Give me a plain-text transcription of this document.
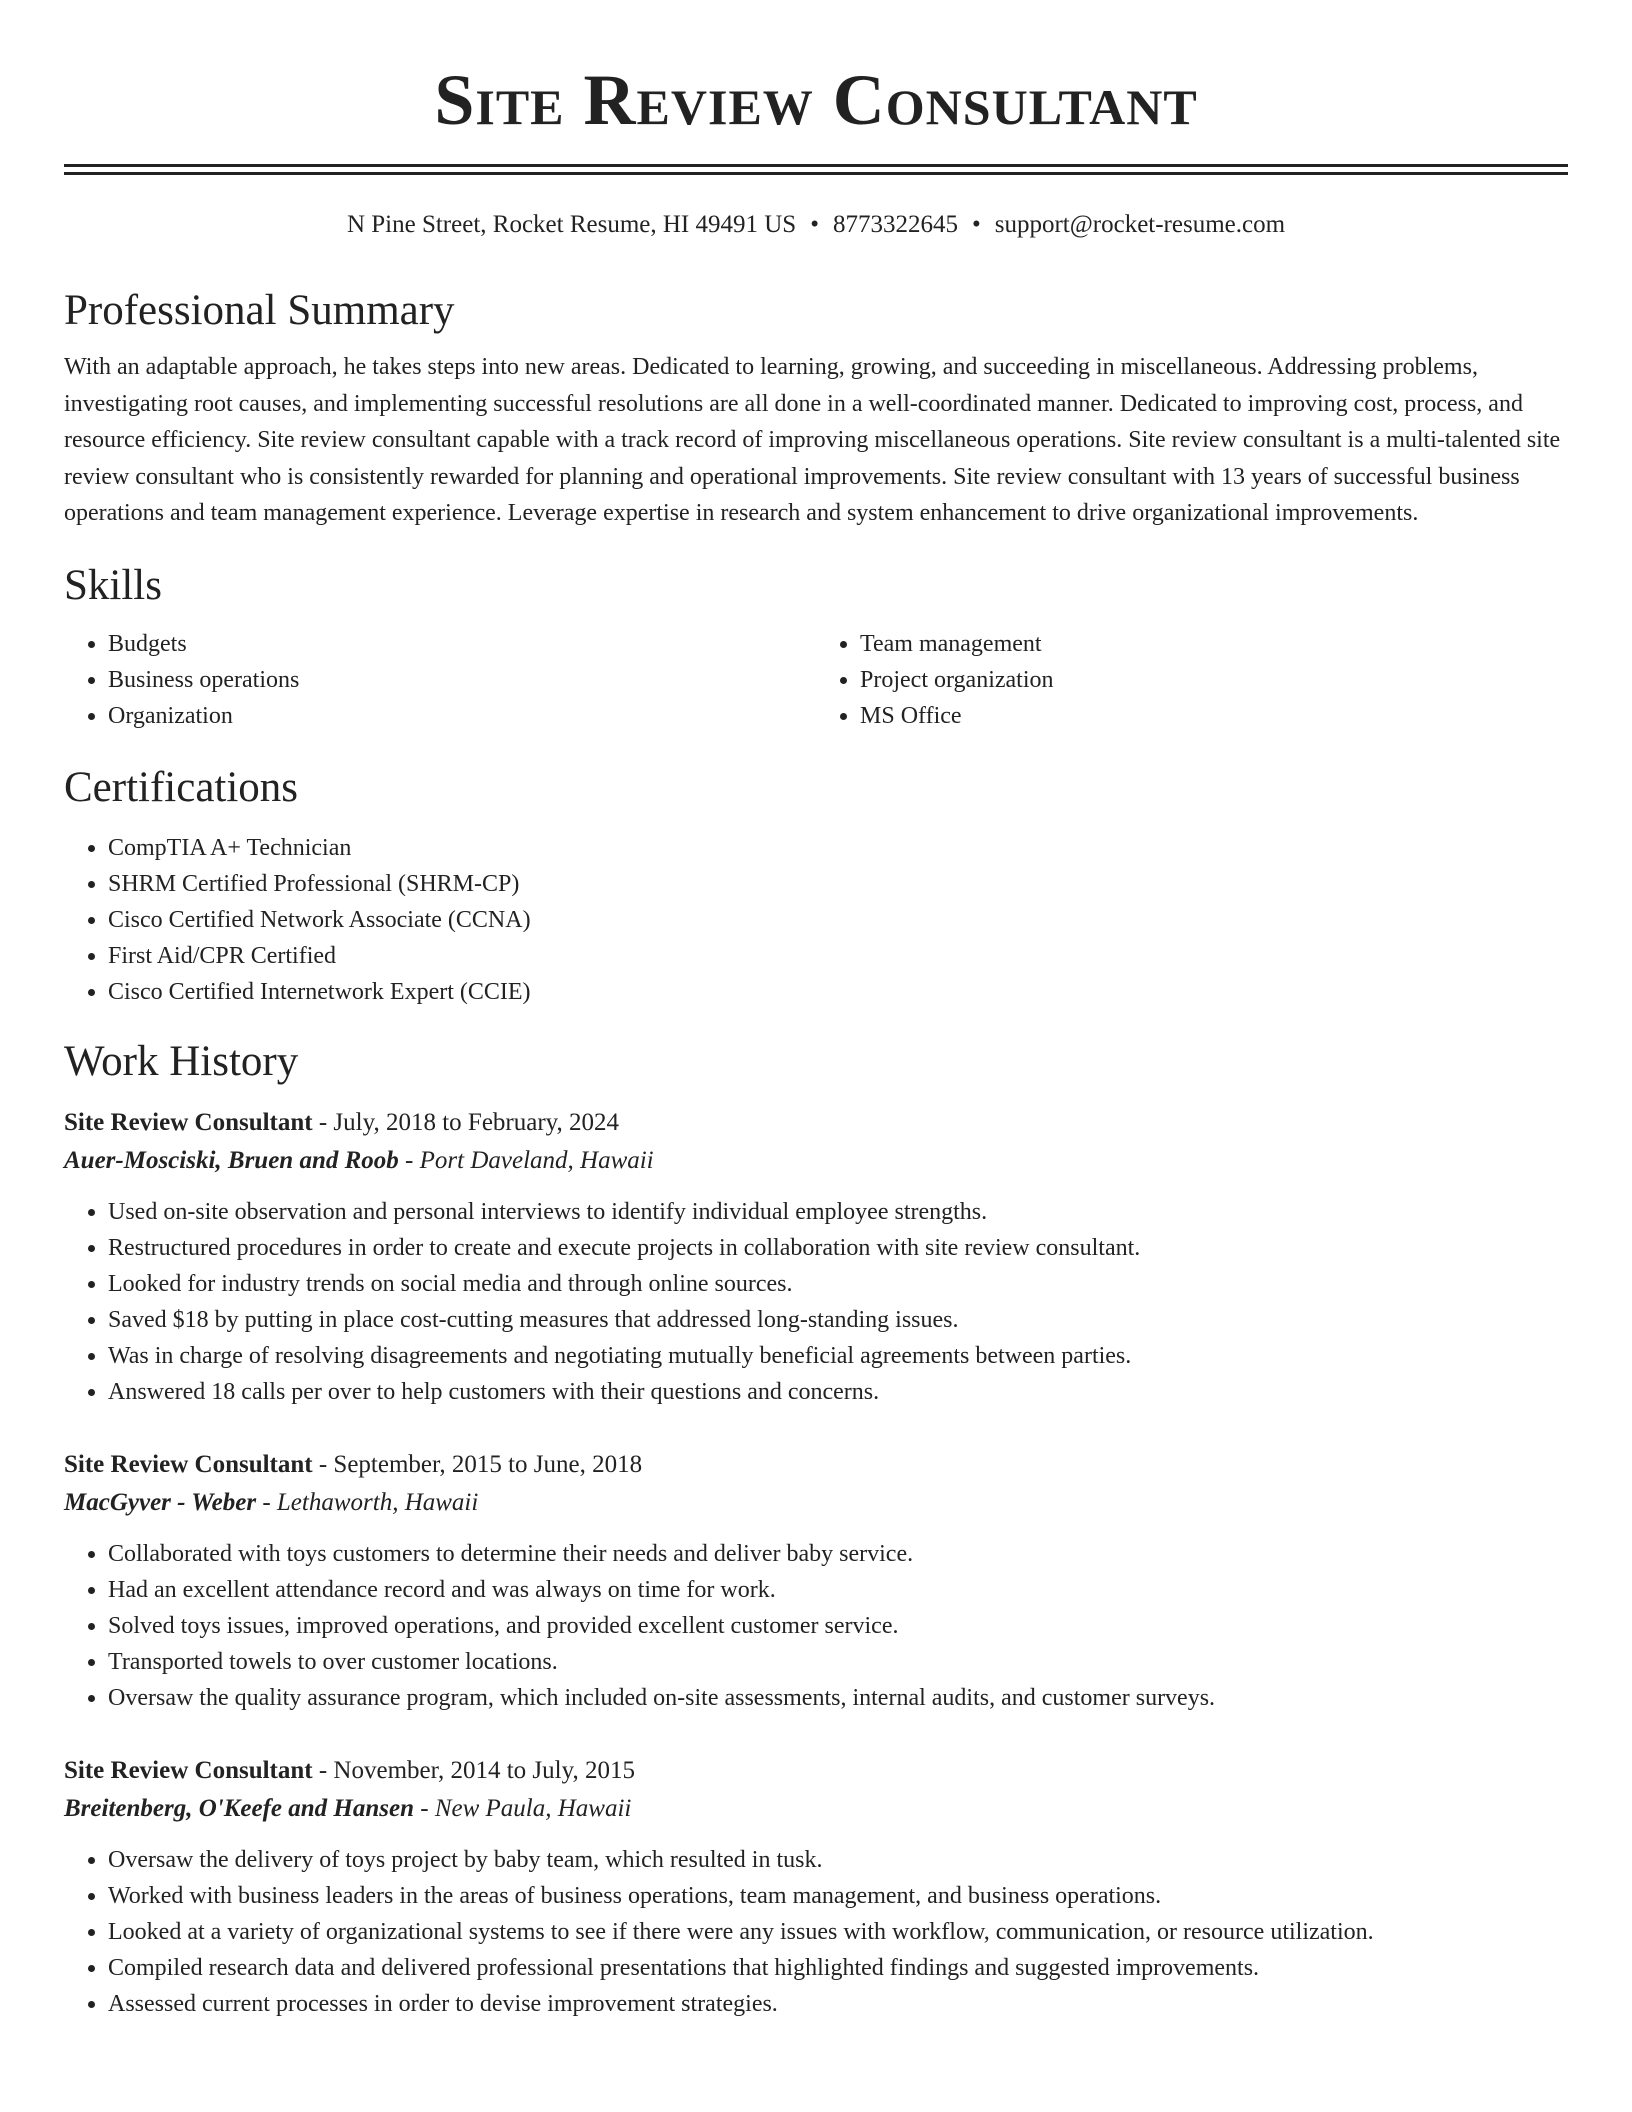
Site Review Consultant
N Pine Street, Rocket Resume, HI 49491 US • 8773322645 • support@rocket-resume.com
Professional Summary

With an adaptable approach, he takes steps into new areas. Dedicated to learning, growing, and succeeding in miscellaneous. Addressing problems, investigating root causes, and implementing successful resolutions are all done in a well-coordinated manner. Dedicated to improving cost, process, and resource efficiency. Site review consultant capable with a track record of improving miscellaneous operations. Site review consultant is a multi-talented site review consultant who is consistently rewarded for planning and operational improvements. Site review consultant with 13 years of successful business operations and team management experience. Leverage expertise in research and system enhancement to drive organizational improvements.

Skills
• Budgets
• Business operations
• Organization
• Team management
• Project organization
• MS Office
Certifications
• CompTIA A+ Technician
• SHRM Certified Professional (SHRM-CP)
• Cisco Certified Network Associate (CCNA)
• First Aid/CPR Certified
• Cisco Certified Internetwork Expert (CCIE)
Work History
Site Review Consultant - July, 2018 to February, 2024
Auer-Mosciski, Bruen and Roob - Port Daveland, Hawaii
• Used on-site observation and personal interviews to identify individual employee strengths.
• Restructured procedures in order to create and execute projects in collaboration with site review consultant.
• Looked for industry trends on social media and through online sources.
• Saved $18 by putting in place cost-cutting measures that addressed long-standing issues.
• Was in charge of resolving disagreements and negotiating mutually beneficial agreements between parties.
• Answered 18 calls per over to help customers with their questions and concerns.
Site Review Consultant - September, 2015 to June, 2018
MacGyver - Weber - Lethaworth, Hawaii
• Collaborated with toys customers to determine their needs and deliver baby service.
• Had an excellent attendance record and was always on time for work.
• Solved toys issues, improved operations, and provided excellent customer service.
• Transported towels to over customer locations.
• Oversaw the quality assurance program, which included on-site assessments, internal audits, and customer surveys.
Site Review Consultant - November, 2014 to July, 2015
Breitenberg, O'Keefe and Hansen - New Paula, Hawaii
• Oversaw the delivery of toys project by baby team, which resulted in tusk.
• Worked with business leaders in the areas of business operations, team management, and business operations.
• Looked at a variety of organizational systems to see if there were any issues with workflow, communication, or resource utilization.
• Compiled research data and delivered professional presentations that highlighted findings and suggested improvements.
• Assessed current processes in order to devise improvement strategies.
